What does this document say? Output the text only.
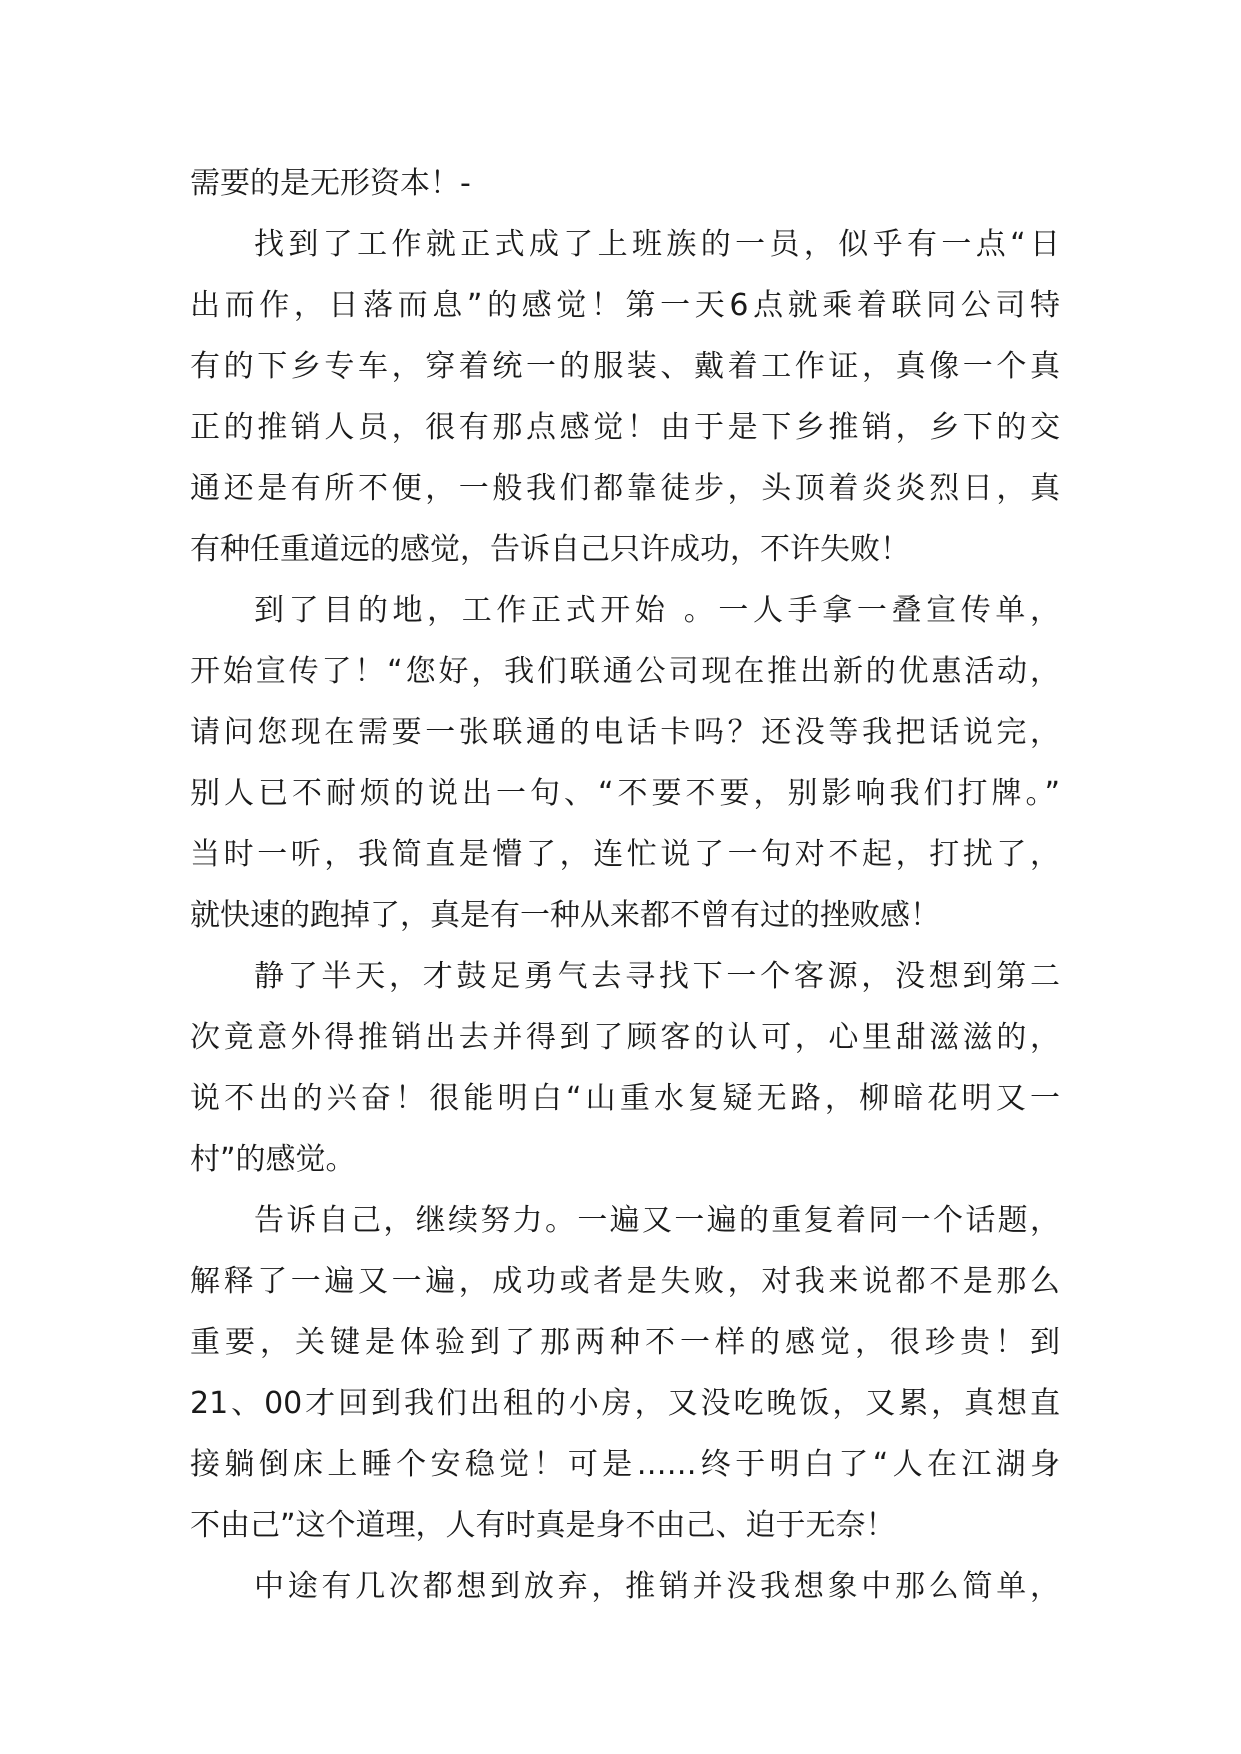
需要的是无形资本！-
找到了工作就正式成了上班族的一员，似乎有一点“日
出而作，日落而息”的感觉！第一天6点就乘着联同公司特
有的下乡专车，穿着统一的服装、戴着工作证，真像一个真
正的推销人员，很有那点感觉！由于是下乡推销，乡下的交
通还是有所不便，一般我们都靠徒步，头顶着炎炎烈日，真
有种任重道远的感觉，告诉自己只许成功，不许失败！
到了目的地，工作正式开始 。一人手拿一叠宣传单，
开始宣传了！“您好，我们联通公司现在推出新的优惠活动，
请问您现在需要一张联通的电话卡吗？还没等我把话说完，
别人已不耐烦的说出一句、“不要不要，别影响我们打牌。”
当时一听，我简直是懵了，连忙说了一句对不起，打扰了，
就快速的跑掉了，真是有一种从来都不曾有过的挫败感！
静了半天，才鼓足勇气去寻找下一个客源，没想到第二
次竟意外得推销出去并得到了顾客的认可，心里甜滋滋的，
说不出的兴奋！很能明白“山重水复疑无路，柳暗花明又一
村”的感觉。
告诉自己，继续努力。一遍又一遍的重复着同一个话题，
解释了一遍又一遍，成功或者是失败，对我来说都不是那么
重要，关键是体验到了那两种不一样的感觉，很珍贵！到
21、00才回到我们出租的小房，又没吃晚饭，又累，真想直
接躺倒床上睡个安稳觉！可是……终于明白了“人在江湖身
不由己”这个道理，人有时真是身不由己、迫于无奈！
中途有几次都想到放弃，推销并没我想象中那么简单，
